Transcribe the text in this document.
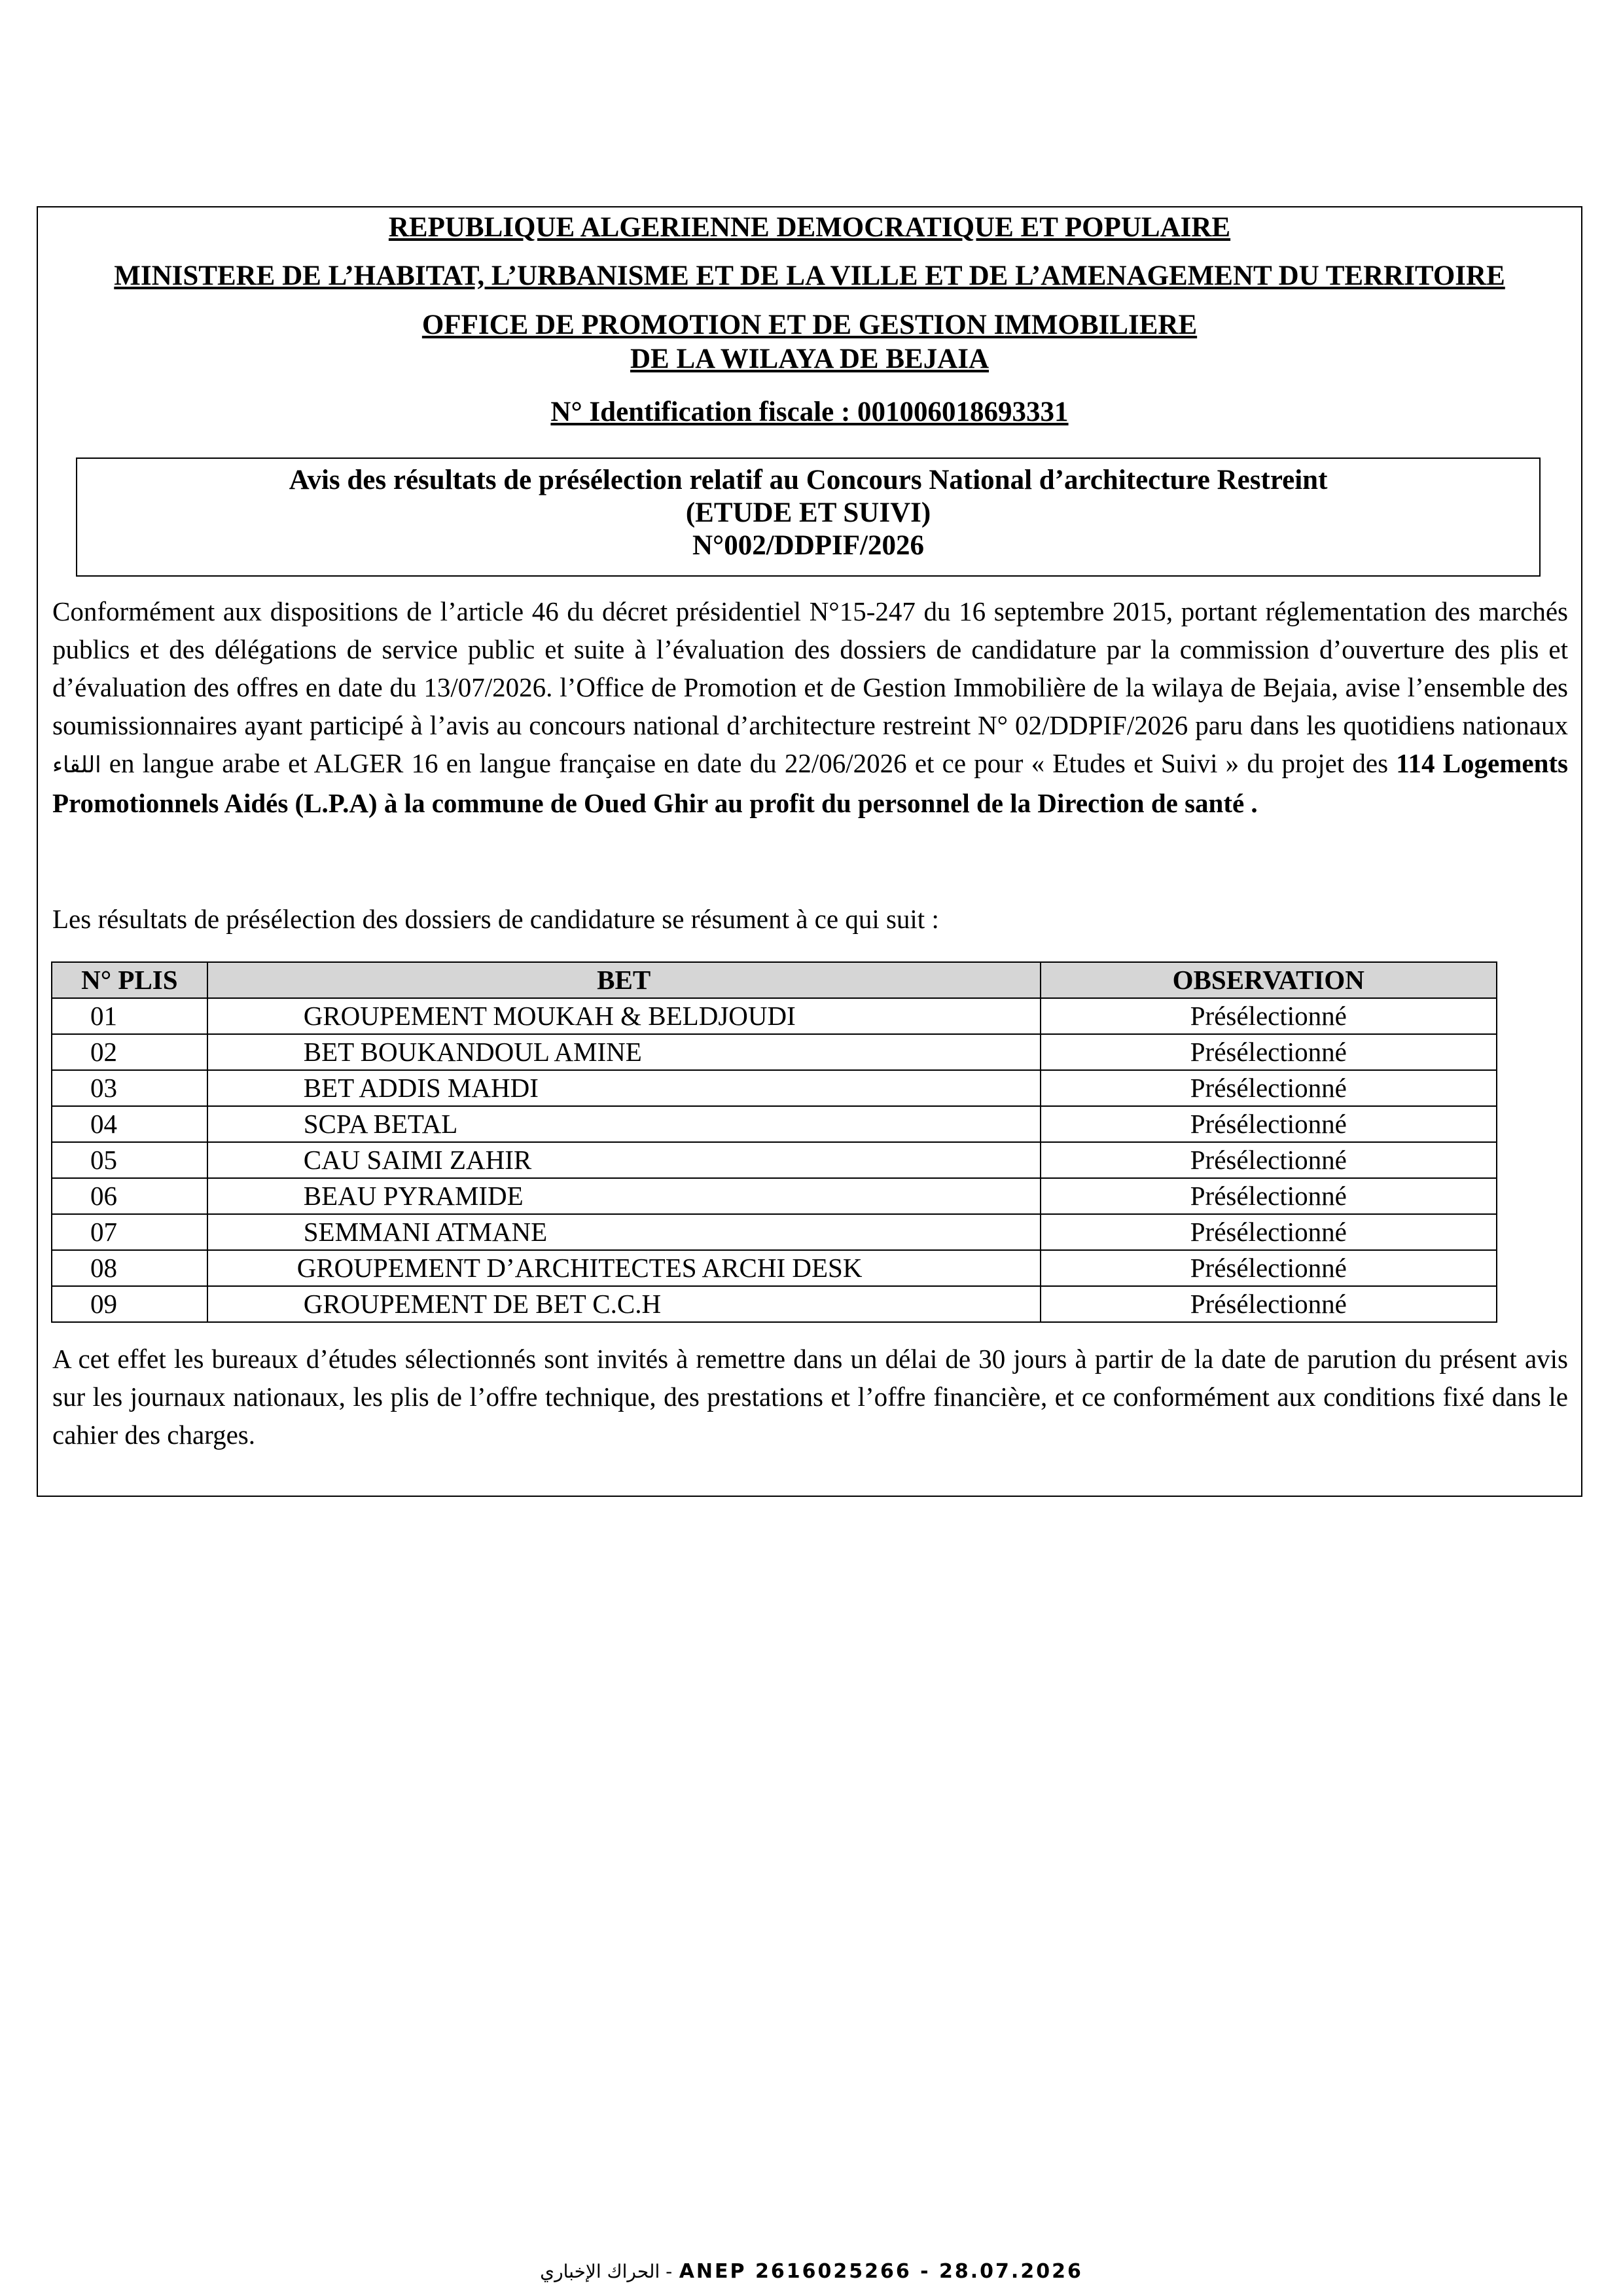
REPUBLIQUE ALGERIENNE DEMOCRATIQUE ET POPULAIRE
MINISTERE DE L’HABITAT, L’URBANISME ET DE LA VILLE ET DE L’AMENAGEMENT DU TERRITOIRE
OFFICE DE PROMOTION ET DE GESTION IMMOBILIERE
DE LA WILAYA DE BEJAIA
N° Identification fiscale : 001006018693331
Avis des résultats de présélection relatif au Concours National d’architecture Restreint
(ETUDE ET SUIVI)
N°002/DDPIF/2026
Conformément aux dispositions de l’article 46 du décret présidentiel N°15-247 du 16 septembre 2015, portant réglementation des marchés publics et des délégations de service public et suite à l’évaluation des dossiers de candidature par la commission d’ouverture des plis et d’évaluation des offres en date du 13/07/2026. l’Office de Promotion et de Gestion Immobilière de la wilaya de Bejaia, avise l’ensemble des soumissionnaires ayant participé à l’avis au concours national d’architecture restreint N° 02/DDPIF/2026 paru dans les quotidiens nationaux اللقاء en langue arabe et ALGER 16 en langue française en date du 22/06/2026 et ce pour « Etudes et Suivi » du projet des 114 Logements Promotionnels Aidés (L.P.A) à la commune de Oued Ghir au profit du personnel de la Direction de santé .
Les résultats de présélection des dossiers de candidature se résument à ce qui suit :
N° PLIS	BET	OBSERVATION
01	GROUPEMENT MOUKAH & BELDJOUDI	Présélectionné
02	BET BOUKANDOUL AMINE	Présélectionné
03	BET ADDIS MAHDI	Présélectionné
04	SCPA BETAL	Présélectionné
05	CAU SAIMI ZAHIR	Présélectionné
06	BEAU PYRAMIDE	Présélectionné
07	SEMMANI ATMANE	Présélectionné
08	GROUPEMENT D’ARCHITECTES ARCHI DESK	Présélectionné
09	GROUPEMENT DE BET C.C.H	Présélectionné
A cet effet les bureaux d’études sélectionnés sont invités à remettre dans un délai de 30 jours à partir de la date de parution du présent avis sur les journaux nationaux, les plis de l’offre technique, des prestations et l’offre financière, et ce conformément aux conditions fixé dans le cahier des charges.
الحراك الإخباري - ANEP 2616025266 - 28.07.2026
